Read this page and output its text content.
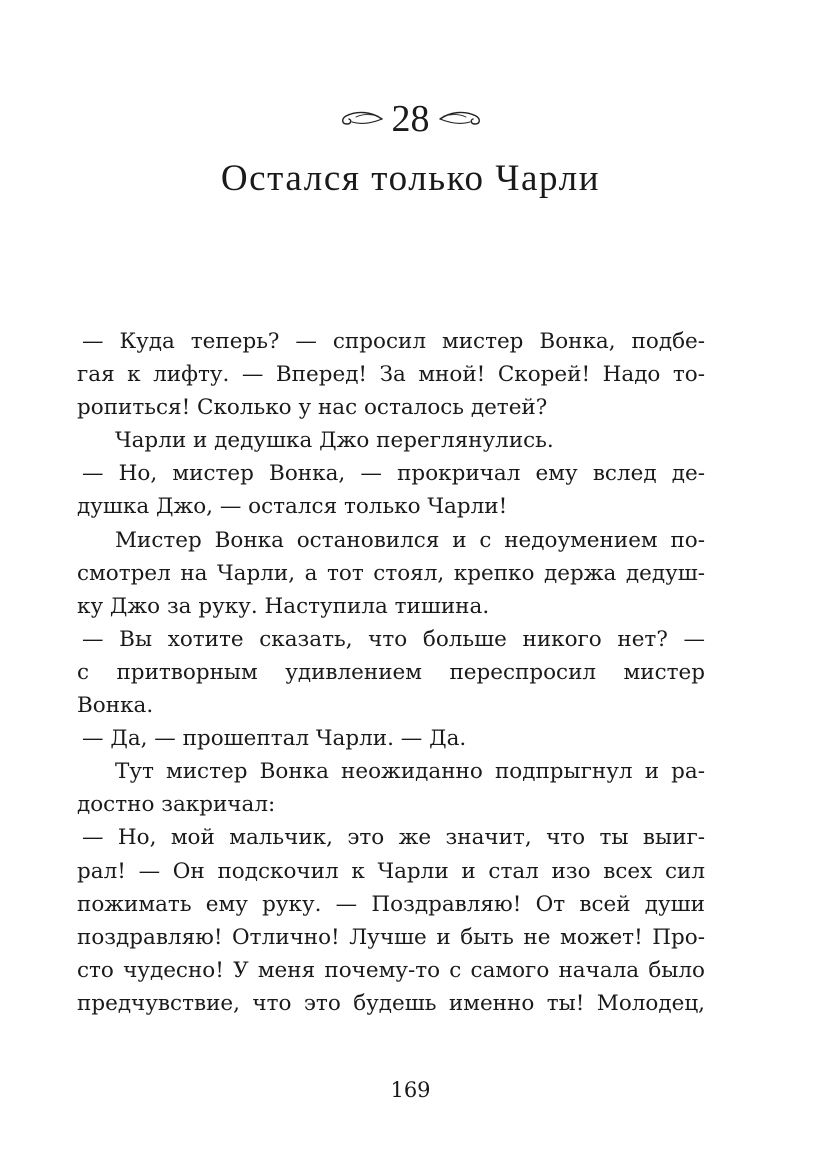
28
Остался только Чарли
— Куда теперь? — спросил мистер Вонка, подбе-
гая к лифту. — Вперед! За мной! Скорей! Надо то-
ропиться! Сколько у нас осталось детей?
Чарли и дедушка Джо переглянулись.
— Но, мистер Вонка, — прокричал ему вслед де-
душка Джо, — остался только Чарли!
Мистер Вонка остановился и с недоумением по-
смотрел на Чарли, а тот стоял, крепко держа дедуш-
ку Джо за руку. Наступила тишина.
— Вы хотите сказать, что больше никого нет? —
с притворным удивлением переспросил мистер
Вонка.
— Да, — прошептал Чарли. — Да.
Тут мистер Вонка неожиданно подпрыгнул и ра-
достно закричал:
— Но, мой мальчик, это же значит, что ты выиг-
рал! — Он подскочил к Чарли и стал изо всех сил
пожимать ему руку. — Поздравляю! От всей души
поздравляю! Отлично! Лучше и быть не может! Про-
сто чудесно! У меня почему-то с самого начала было
предчувствие, что это будешь именно ты! Молодец,
169
